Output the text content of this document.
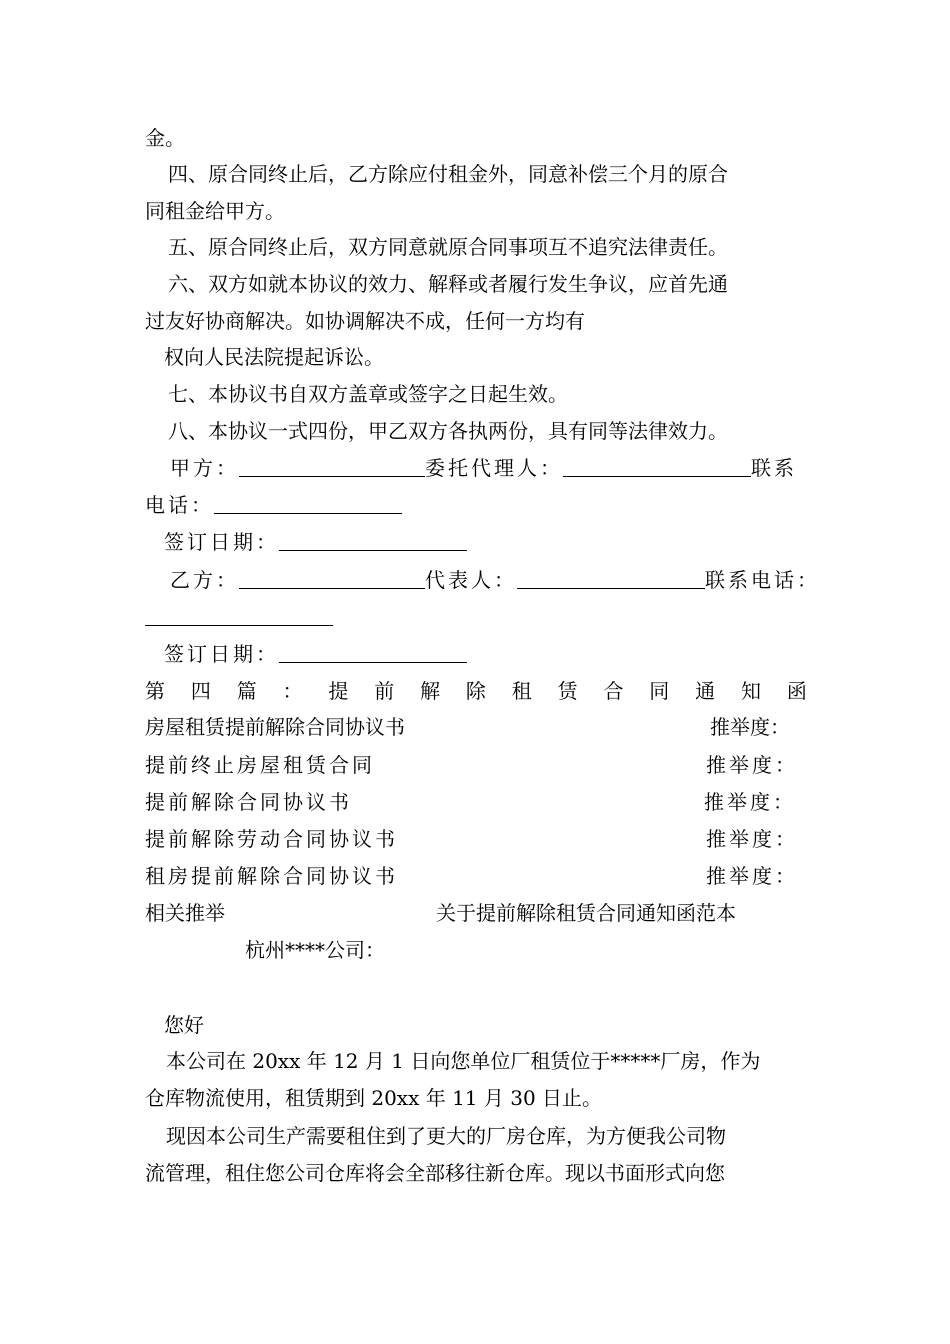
金。
四、原合同终止后，乙方除应付租金外，同意补偿三个月的原合
同租金给甲方。
五、原合同终止后，双方同意就原合同事项互不追究法律责任。
六、双方如就本协议的效力、解释或者履行发生争议，应首先通
过友好协商解决。如协调解决不成，任何一方均有
权向人民法院提起诉讼。
七、本协议书自双方盖章或签字之日起生效。
八、本协议一式四份，甲乙双方各执两份，具有同等法律效力。
甲方：	委托代理人：	联系
电话：
签订日期：
乙方：	代表人：	联系电话：
签订日期：
第 四 篇 ： 提 前 解 除 租 赁 合 同 通 知 函
房屋租赁提前解除合同协议书	推举度：
提前终止房屋租赁合同	推举度：
提前解除合同协议书	推举度：
提前解除劳动合同协议书	推举度：
租房提前解除合同协议书	推举度：
相关推举	关于提前解除租赁合同通知函范本
杭州****公司：
您好
本公司在 20xx 年 12 月 1 日向您单位厂租赁位于*****厂房，作为
仓库物流使用，租赁期到 20xx 年 11 月 30 日止。
现因本公司生产需要租住到了更大的厂房仓库，为方便我公司物
流管理，租住您公司仓库将会全部移往新仓库。现以书面形式向您
